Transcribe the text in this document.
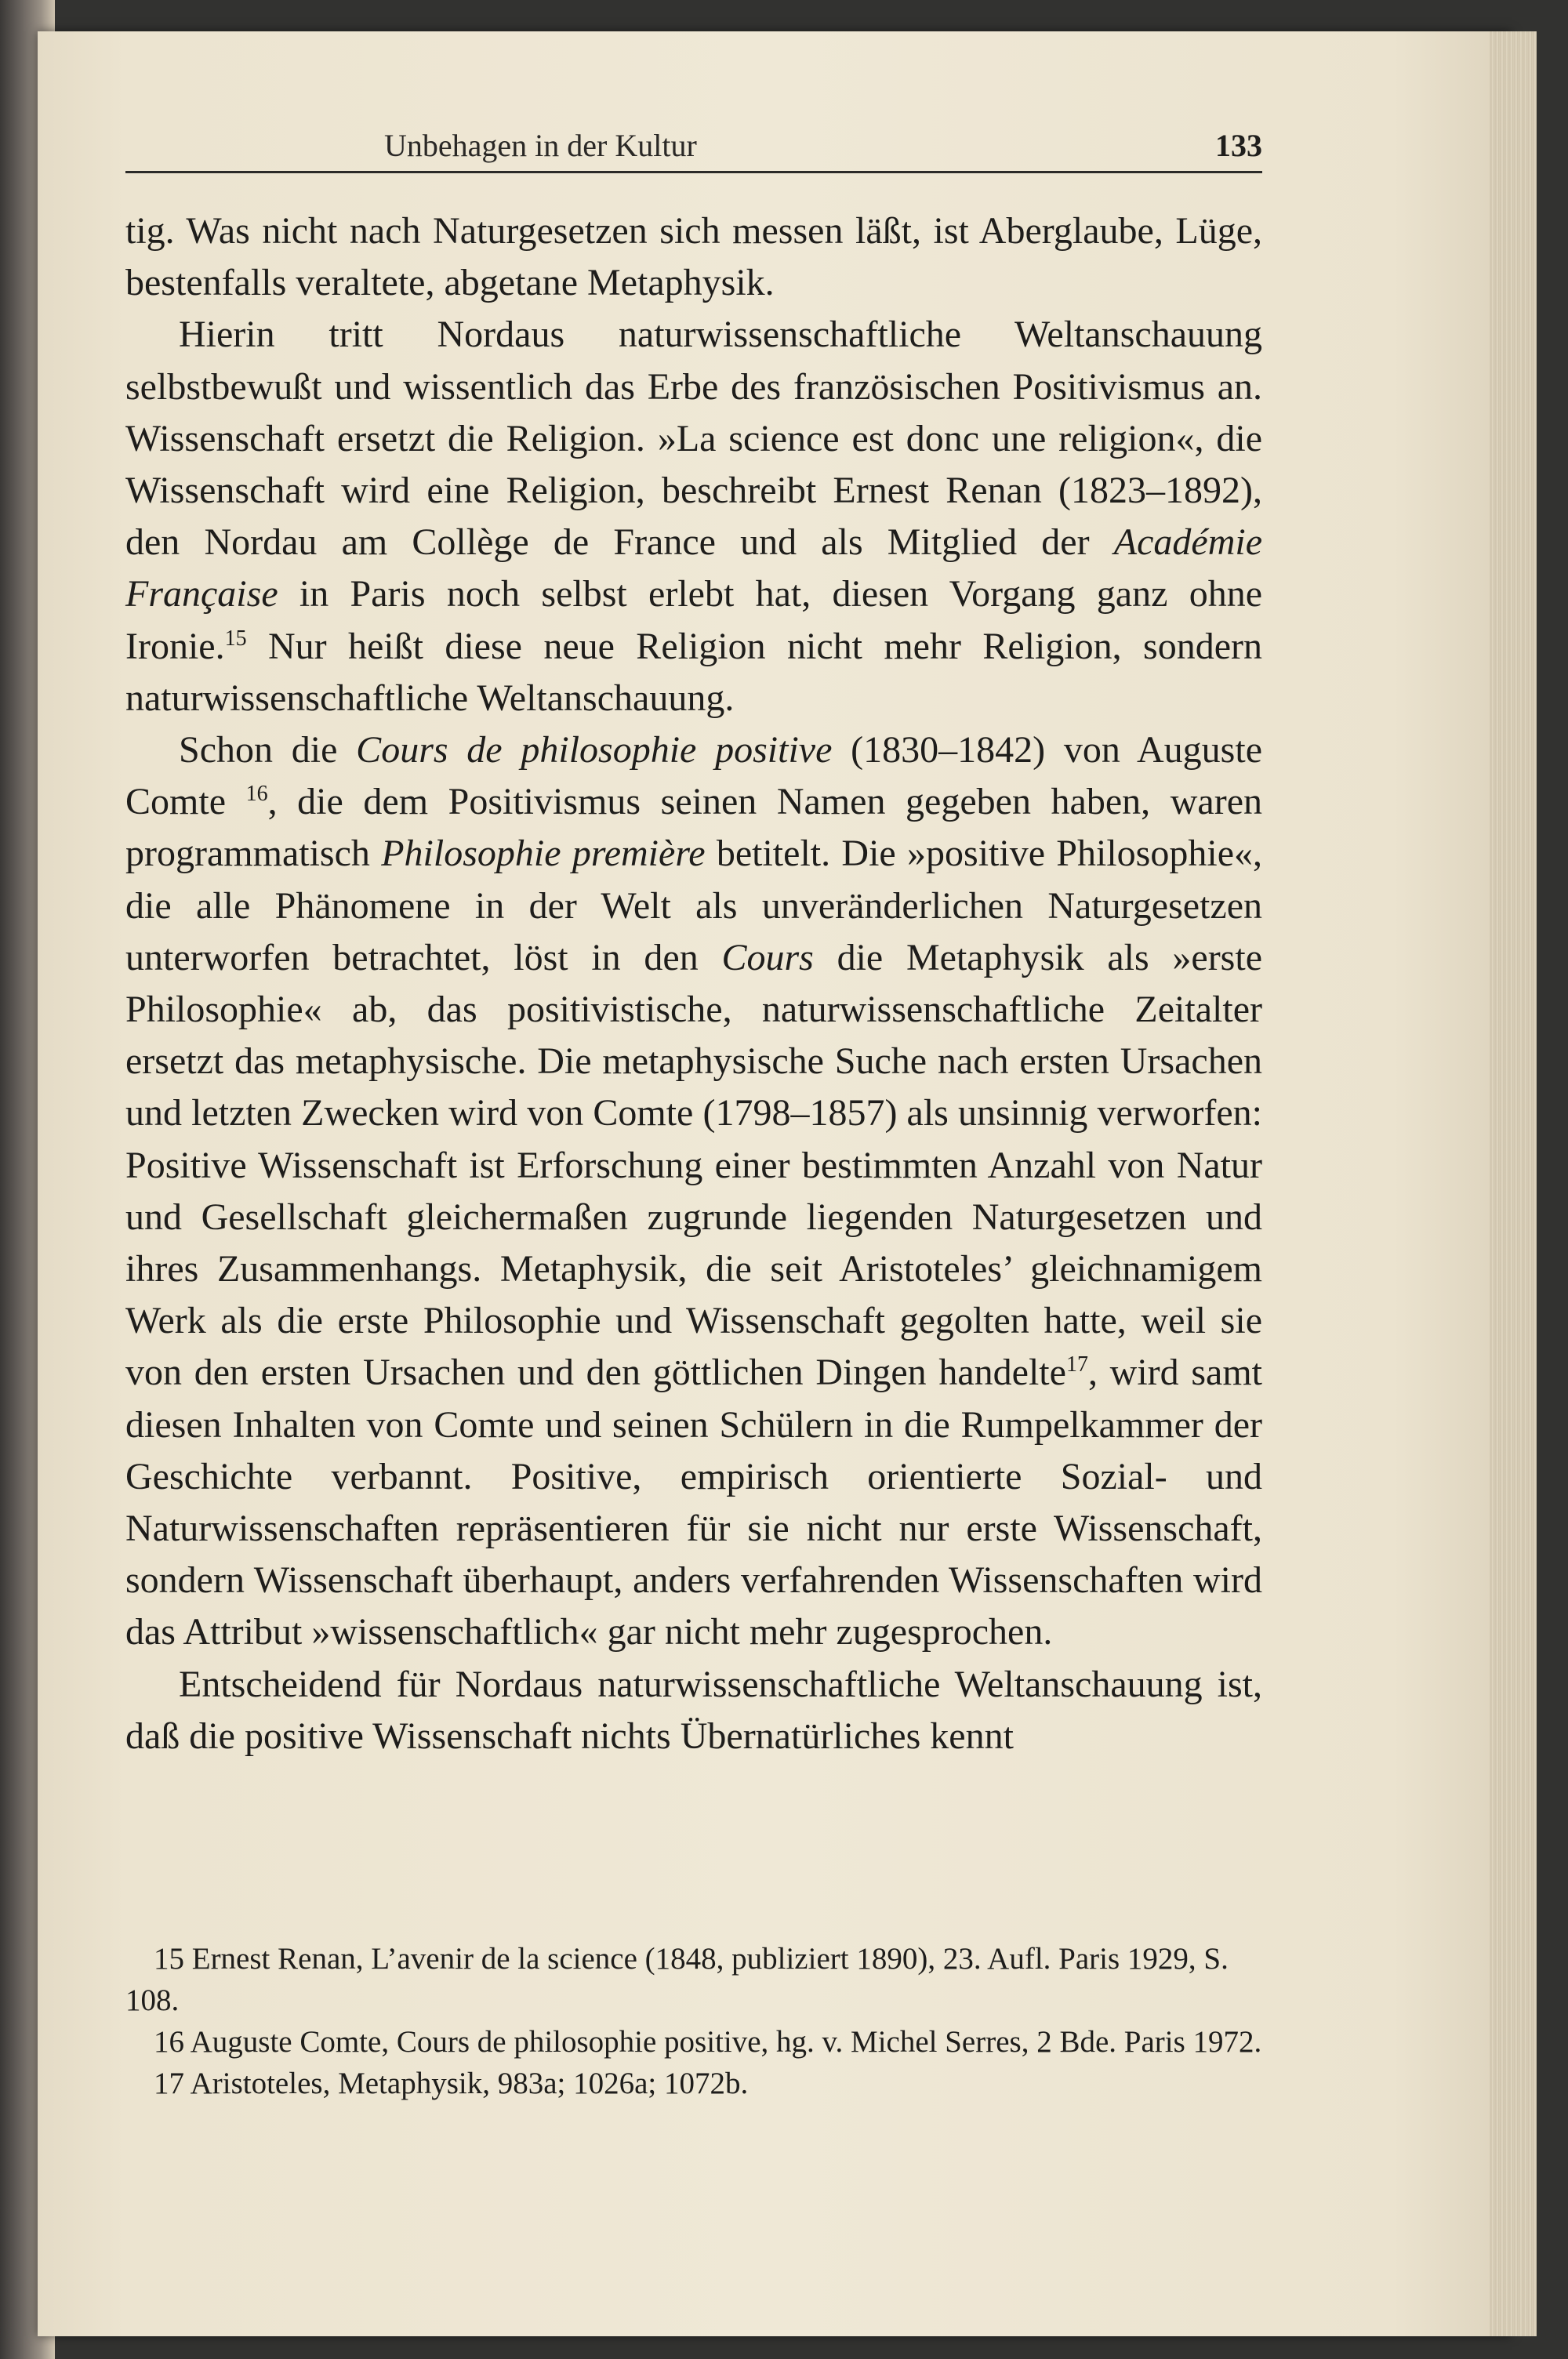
Unbehagen in der Kultur	133

tig. Was nicht nach Naturgesetzen sich messen läßt, ist Aberglaube, Lüge, bestenfalls veraltete, abgetane Metaphysik.

Hierin tritt Nordaus naturwissenschaftliche Weltanschauung selbstbewußt und wissentlich das Erbe des französischen Positivismus an. Wissenschaft ersetzt die Religion. »La science est donc une religion«, die Wissenschaft wird eine Religion, beschreibt Ernest Renan (1823–1892), den Nordau am Collège de France und als Mitglied der Académie Française in Paris noch selbst erlebt hat, diesen Vorgang ganz ohne Ironie.$^{15}$ Nur heißt diese neue Religion nicht mehr Religion, sondern naturwissenschaftliche Weltanschauung.

Schon die Cours de philosophie positive (1830–1842) von Auguste Comte $^{16}$, die dem Positivismus seinen Namen gegeben haben, waren programmatisch Philosophie première betitelt. Die »positive Philosophie«, die alle Phänomene in der Welt als unveränderlichen Naturgesetzen unterworfen betrachtet, löst in den Cours die Metaphysik als »erste Philosophie« ab, das positivistische, naturwissenschaftliche Zeitalter ersetzt das metaphysische. Die metaphysische Suche nach ersten Ursachen und letzten Zwecken wird von Comte (1798–1857) als unsinnig verworfen: Positive Wissenschaft ist Erforschung einer bestimmten Anzahl von Natur und Gesellschaft gleichermaßen zugrunde liegenden Naturgesetzen und ihres Zusammenhangs. Metaphysik, die seit Aristoteles’ gleichnamigem Werk als die erste Philosophie und Wissenschaft gegolten hatte, weil sie von den ersten Ursachen und den göttlichen Dingen handelte$^{17}$, wird samt diesen Inhalten von Comte und seinen Schülern in die Rumpelkammer der Geschichte verbannt. Positive, empirisch orientierte Sozial- und Naturwissenschaften repräsentieren für sie nicht nur erste Wissenschaft, sondern Wissenschaft überhaupt, anders verfahrenden Wissenschaften wird das Attribut »wissenschaftlich« gar nicht mehr zugesprochen.

Entscheidend für Nordaus naturwissenschaftliche Weltanschauung ist, daß die positive Wissenschaft nichts Übernatürliches kennt

15 Ernest Renan, L’avenir de la science (1848, publiziert 1890), 23. Aufl. Paris 1929, S. 108.

16 Auguste Comte, Cours de philosophie positive, hg. v. Michel Serres, 2 Bde. Paris 1972.

17 Aristoteles, Metaphysik, 983a; 1026a; 1072b.
